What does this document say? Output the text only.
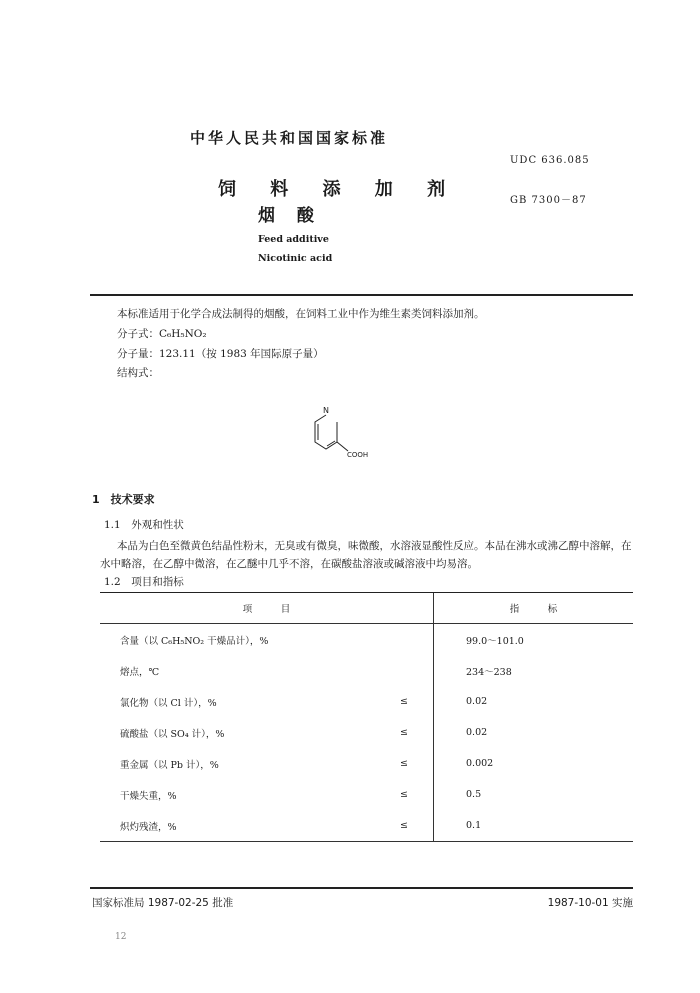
中华人民共和国国家标准
UDC 636.085
饲 料 添 加 剂
GB 7300－87
烟 酸
Feed additive
Nicotinic acid
本标准适用于化学合成法制得的烟酸，在饲料工业中作为维生素类饲料添加剂。
分子式：C₆H₅NO₂
分子量：123.11（按 1983 年国际原子量）
结构式：
N
COOH
1　技术要求
1.1　外观和性状
本品为白色至微黄色结晶性粉末，无臭或有微臭，味微酸，水溶液显酸性反应。本品在沸水或沸乙醇中溶解，在水中略溶，在乙醇中微溶，在乙醚中几乎不溶，在碳酸盐溶液或碱溶液中均易溶。
1.2　项目和指标
项　　　目		指　　　标
含量（以 C₆H₅NO₂ 干燥品计），%		99.0～101.0
熔点，℃		234～238
氯化物（以 Cl 计），%	≤	0.02
硫酸盐（以 SO₄ 计），%	≤	0.02
重金属（以 Pb 计），%	≤	0.002
干燥失重，%	≤	0.5
炽灼残渣，%	≤	0.1
国家标准局 1987-02-25 批准	1987-10-01 实施
12
